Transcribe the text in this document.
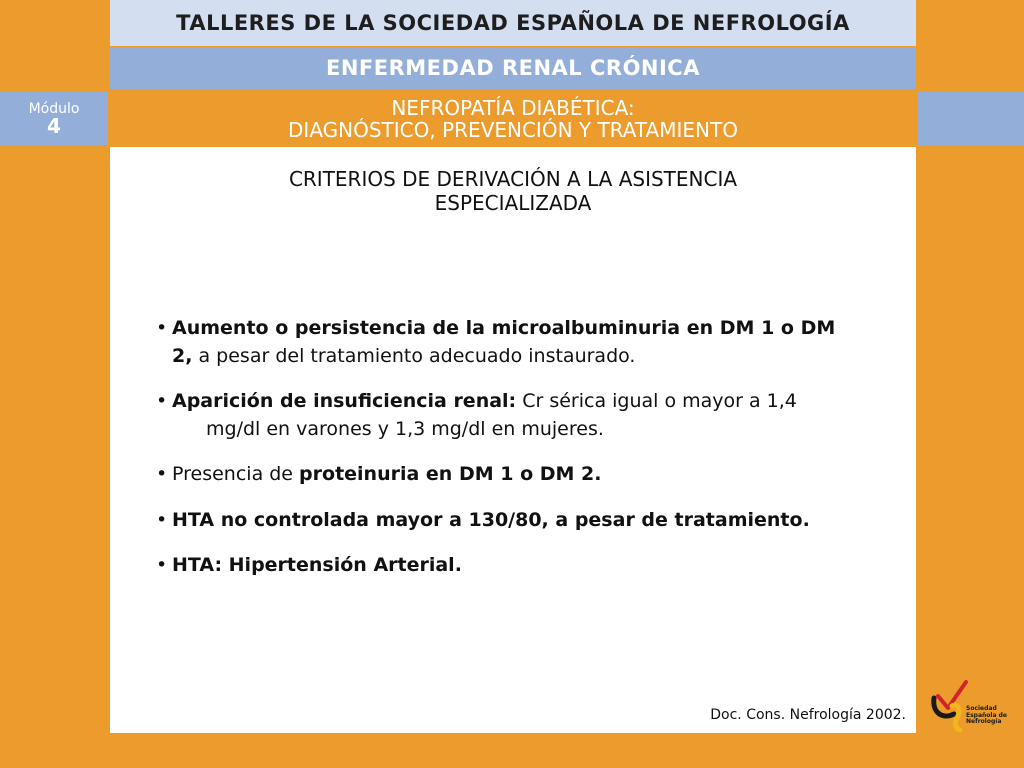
TALLERES DE LA SOCIEDAD ESPAÑOLA DE NEFROLOGÍA
ENFERMEDAD RENAL CRÓNICA
Módulo
4
NEFROPATÍA DIABÉTICA:
DIAGNÓSTICO, PREVENCIÓN Y TRATAMIENTO
CRITERIOS DE DERIVACIÓN A LA ASISTENCIA
ESPECIALIZADA
• Aumento o persistencia de la microalbuminuria en DM 1 o DM
2, a pesar del tratamiento adecuado instaurado.
• Aparición de insuficiencia renal: Cr sérica igual o mayor a 1,4
mg/dl en varones y 1,3 mg/dl en mujeres.
• Presencia de proteinuria en DM 1 o DM 2.
• HTA no controlada mayor a 130/80, a pesar de tratamiento.
• HTA: Hipertensión Arterial.
Doc. Cons. Nefrología 2002.	Sociedad
Española de
Nefrología
